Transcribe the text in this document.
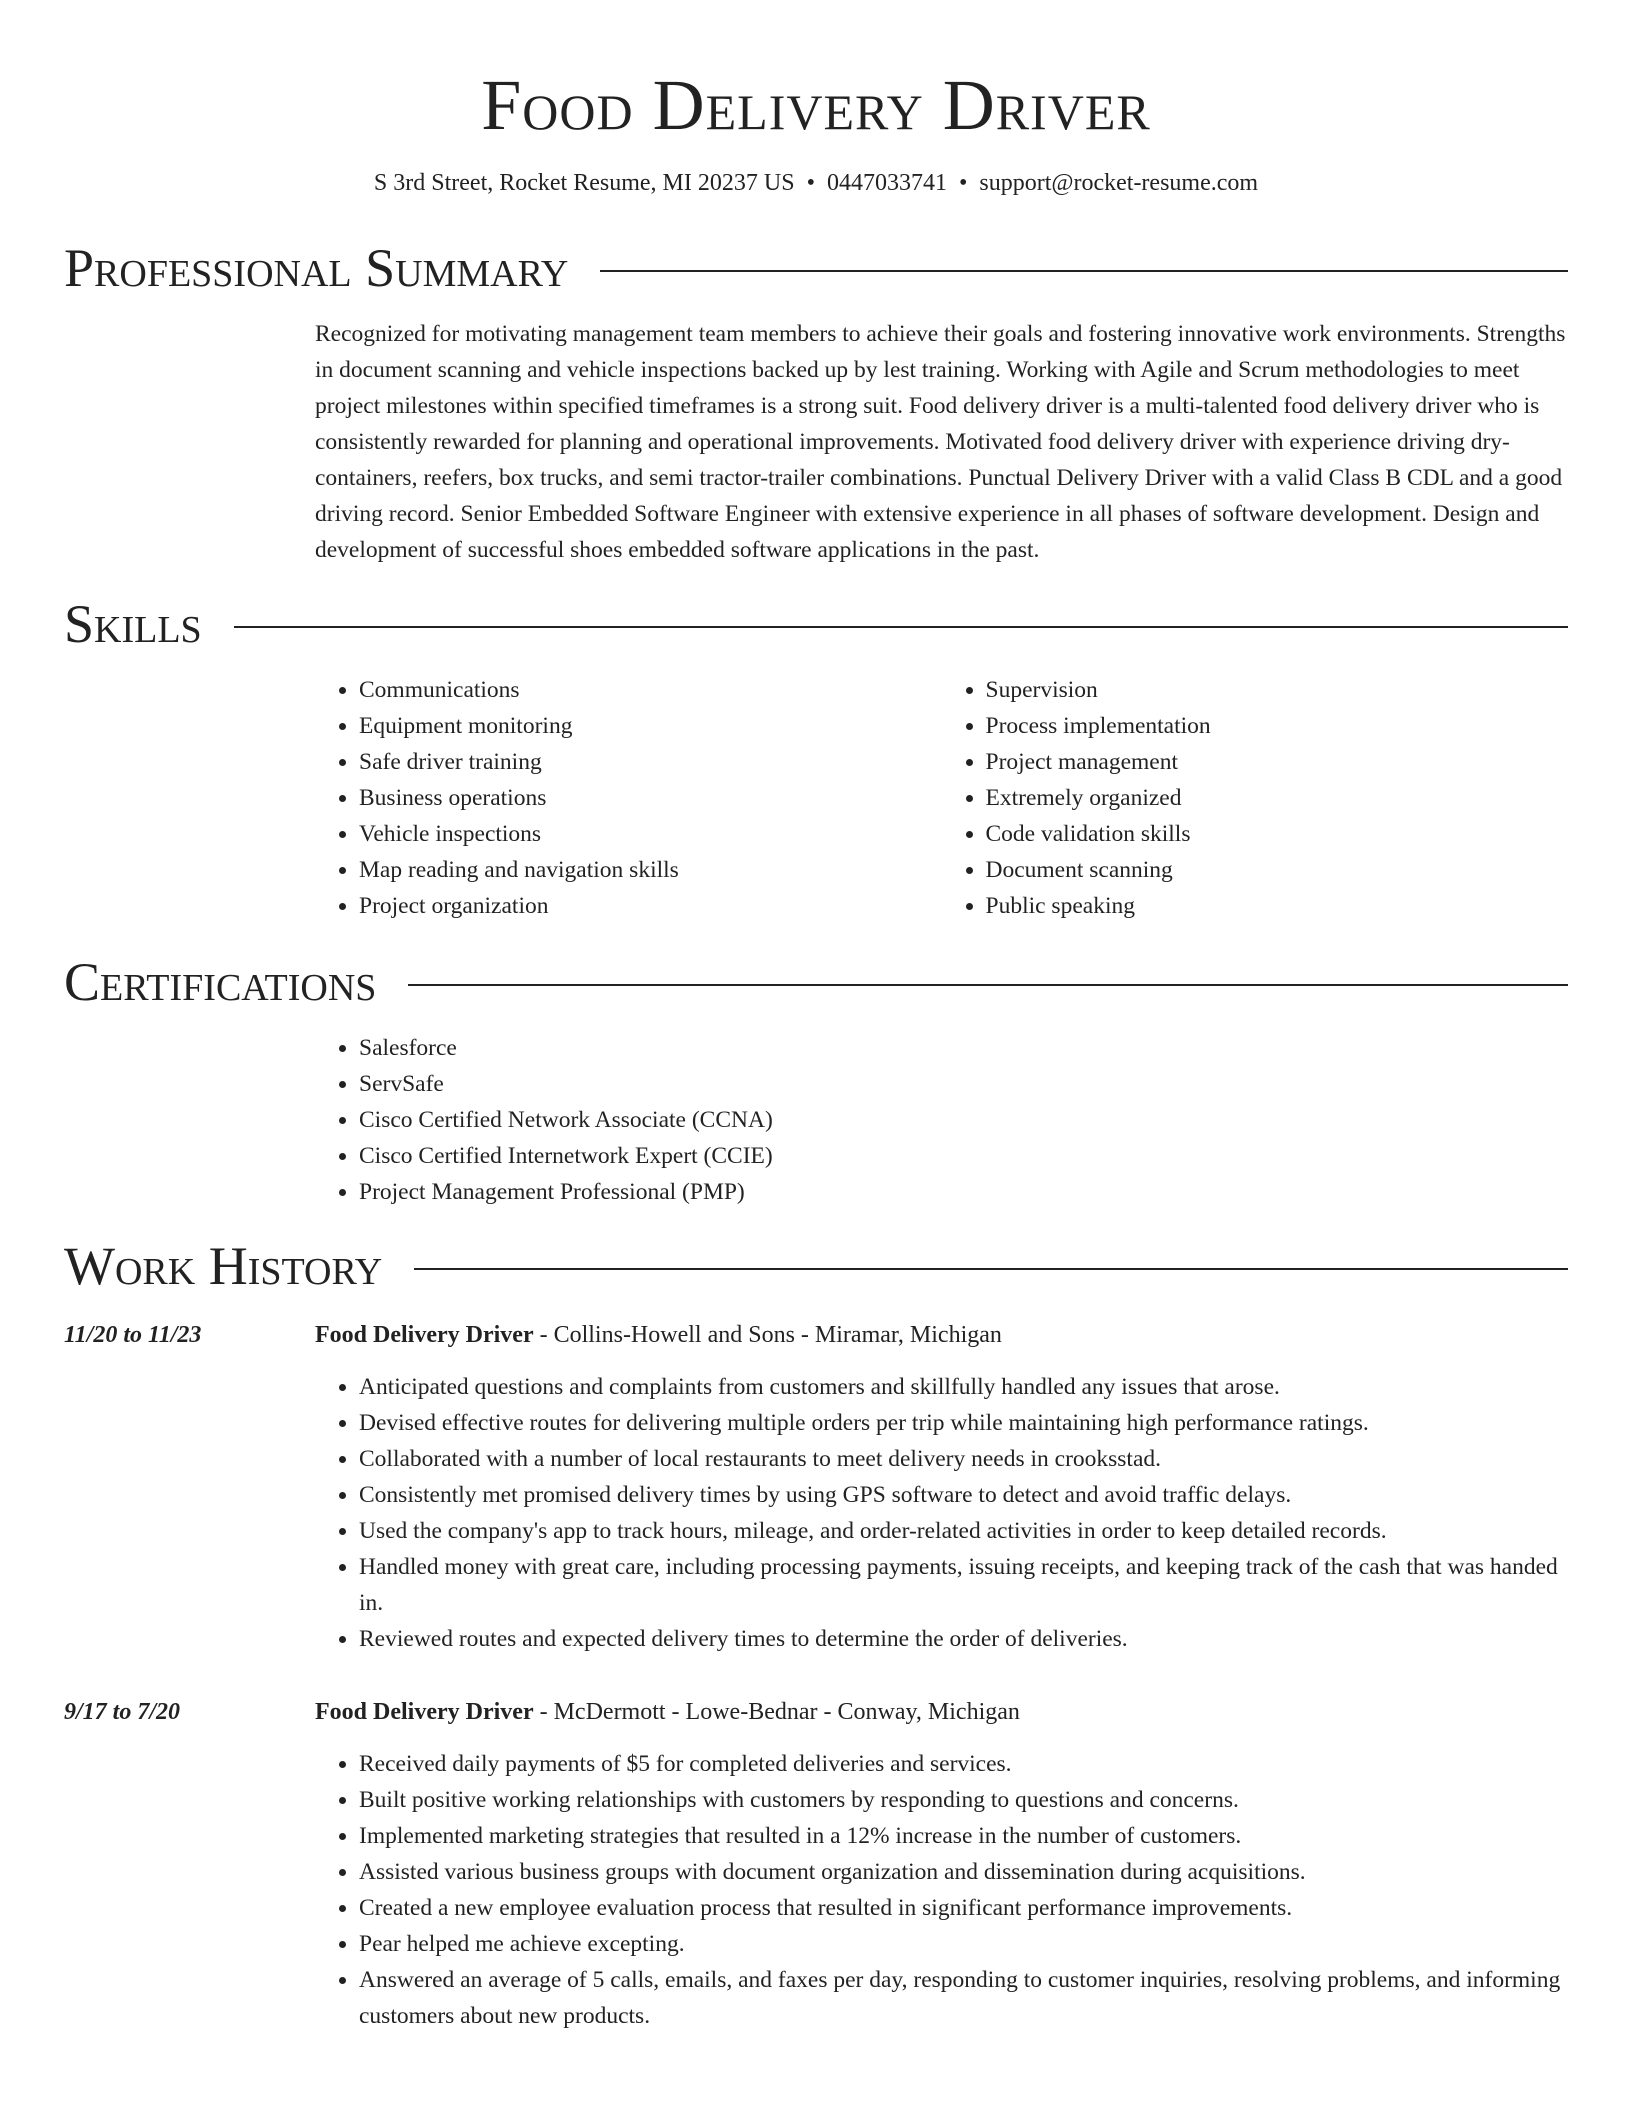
Food Delivery Driver
S 3rd Street, Rocket Resume, MI 20237 US • 0447033741 • support@rocket-resume.com
Professional Summary

Recognized for motivating management team members to achieve their goals and fostering innovative work environments. Strengths in document scanning and vehicle inspections backed up by lest training. Working with Agile and Scrum methodologies to meet project milestones within specified timeframes is a strong suit. Food delivery driver is a multi-talented food delivery driver who is consistently rewarded for planning and operational improvements. Motivated food delivery driver with experience driving dry-containers, reefers, box trucks, and semi tractor-trailer combinations. Punctual Delivery Driver with a valid Class B CDL and a good driving record. Senior Embedded Software Engineer with extensive experience in all phases of software development. Design and development of successful shoes embedded software applications in the past.

Skills
• Communications
• Equipment monitoring
• Safe driver training
• Business operations
• Vehicle inspections
• Map reading and navigation skills
• Project organization
• Supervision
• Process implementation
• Project management
• Extremely organized
• Code validation skills
• Document scanning
• Public speaking
Certifications
• Salesforce
• ServSafe
• Cisco Certified Network Associate (CCNA)
• Cisco Certified Internetwork Expert (CCIE)
• Project Management Professional (PMP)
Work History
11/20 to 11/23	Food Delivery Driver - Collins-Howell and Sons - Miramar, Michigan
• Anticipated questions and complaints from customers and skillfully handled any issues that arose.
• Devised effective routes for delivering multiple orders per trip while maintaining high performance ratings.
• Collaborated with a number of local restaurants to meet delivery needs in crooksstad.
• Consistently met promised delivery times by using GPS software to detect and avoid traffic delays.
• Used the company's app to track hours, mileage, and order-related activities in order to keep detailed records.
• Handled money with great care, including processing payments, issuing receipts, and keeping track of the cash that was handed in.
• Reviewed routes and expected delivery times to determine the order of deliveries.
9/17 to 7/20	Food Delivery Driver - McDermott - Lowe-Bednar - Conway, Michigan
• Received daily payments of $5 for completed deliveries and services.
• Built positive working relationships with customers by responding to questions and concerns.
• Implemented marketing strategies that resulted in a 12% increase in the number of customers.
• Assisted various business groups with document organization and dissemination during acquisitions.
• Created a new employee evaluation process that resulted in significant performance improvements.
• Pear helped me achieve excepting.
• Answered an average of 5 calls, emails, and faxes per day, responding to customer inquiries, resolving problems, and informing customers about new products.
